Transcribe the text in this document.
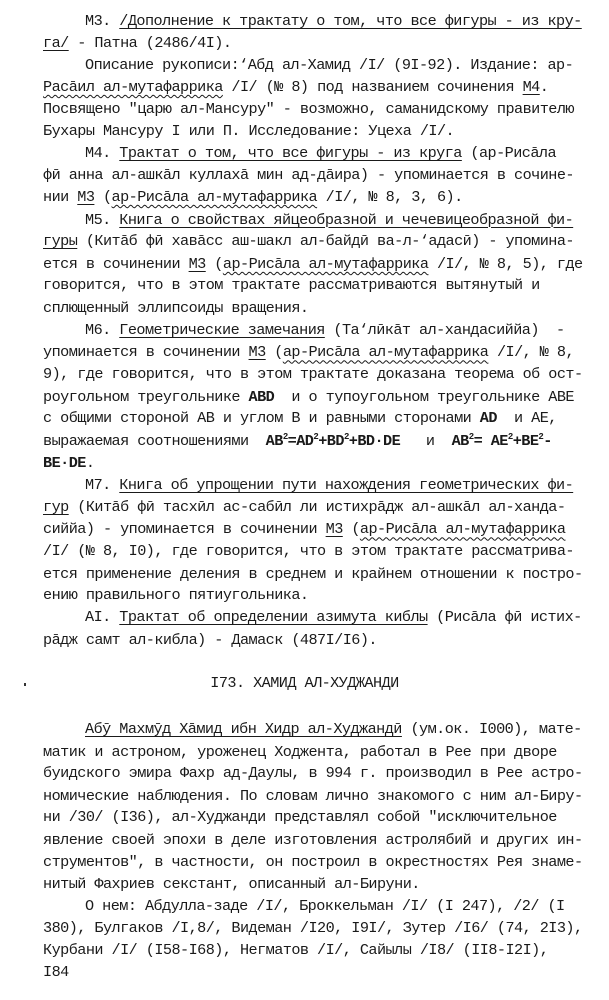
М3. /Дополнение к трактату о том, что все фигуры - из кру-
га/ - Патна (2486/4I).
Описание рукописи:‘Абд ал-Хамид /I/ (9I-92). Издание: ар-
Расāил ал-мутафаррика /I/ (№ 8) под названием сочинения М4.
Посвящено "царю ал-Мансуру" - возможно, саманидскому правителю
Бухары Мансуру I или П. Исследование: Уцеха /I/.
М4. Трактат о том, что все фигуры - из круга (ар-Рисāла
фӣ анна ал-ашкāл куллахā мин ад-дāира) - упоминается в сочине-
нии М3 (ар-Рисāла ал-мутафаррика /I/, № 8, 3, 6).
М5. Книга о свойствах яйцеобразной и чечевицеобразной фи-
гуры (Китāб фӣ хавāсс аш-шакл ал-байдӣ ва-л-‘адасӣ) - упомина-
ется в сочинении М3 (ар-Рисāла ал-мутафаррика /I/, № 8, 5), где
говорится, что в этом трактате рассматриваются вытянутый и
сплющенный эллипсоиды вращения.
М6. Геометрические замечания (Та‘лӣкāт ал-хандасиййа)  -
упоминается в сочинении М3 (ар-Рисāла ал-мутафаррика /I/, № 8,
9), где говорится, что в этом трактате доказана теорема об ост-
роугольном треугольнике ABD  и о тупоугольном треугольнике ABE
с общими стороной AB и углом B и равными сторонами AD  и AE,
выражаемая соотношениями  $AB^2=AD^2+BD^2+BD\cdot DE$   и  $AB^2= AE^2+BE^2-$
BE·DE.
М7. Книга об упрощении пути нахождения геометрических фи-
гур (Китāб фӣ тасхӣл ас-сабӣл ли истихрāдж ал-ашкāл ал-ханда-
сиййа) - упоминается в сочинении М3 (ар-Рисāла ал-мутафаррика
/I/ (№ 8, I0), где говорится, что в этом трактате рассматрива-
ется применение деления в среднем и крайнем отношении к постро-
ению правильного пятиугольника.
AI. Трактат об определении азимута киблы (Рисāла фӣ истих-
рāдж самт ал-кибла) - Дамаск (487I/I6).
I73. ХАМИД АЛ-ХУДЖАНДИ
Абӯ Махмӯд Хāмид ибн Хидр ал-Худжандӣ (ум.ок. I000), мате-
матик и астроном, уроженец Ходжента, работал в Рее при дворе
буидского эмира Фахр ад-Даулы, в 994 г. производил в Рее астро-
номические наблюдения. По словам лично знакомого с ним ал-Биру-
ни /30/ (I36), ал-Худжанди представлял собой "исключительное
явление своей эпохи в деле изготовления астролябий и других ин-
струментов", в частности, он построил в окрестностях Рея знаме-
нитый Фахриев секстант, описанный ал-Бируни.
О нем: Абдулла-заде /I/, Броккельман /I/ (I 247), /2/ (I
380), Булгаков /I,8/, Видеман /I20, I9I/, Зутер /I6/ (74, 2I3),
Курбани /I/ (I58-I68), Негматов /I/, Сайылы /I8/ (II8-I2I),
I84
